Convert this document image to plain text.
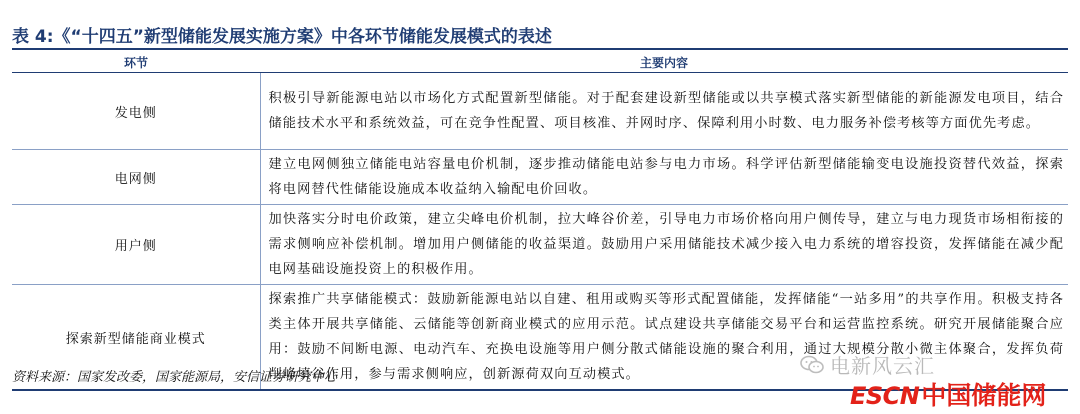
表 4:《“十四五”新型储能发展实施方案》中各环节储能发展模式的表述
环节	主要内容
发电侧	积极引导新能源电站以市场化方式配置新型储能。对于配套建设新型储能或以共享模式落实新型储能的新能源发电项目，结合储能技术水平和系统效益，可在竞争性配置、项目核准、并网时序、保障利用小时数、电力服务补偿考核等方面优先考虑。
电网侧	建立电网侧独立储能电站容量电价机制，逐步推动储能电站参与电力市场。科学评估新型储能输变电设施投资替代效益，探索将电网替代性储能设施成本收益纳入输配电价回收。
用户侧	加快落实分时电价政策，建立尖峰电价机制，拉大峰谷价差，引导电力市场价格向用户侧传导，建立与电力现货市场相衔接的需求侧响应补偿机制。增加用户侧储能的收益渠道。鼓励用户采用储能技术减少接入电力系统的增容投资，发挥储能在减少配电网基础设施投资上的积极作用。
探索新型储能商业模式	探索推广共享储能模式：鼓励新能源电站以自建、租用或购买等形式配置储能，发挥储能“一站多用”的共享作用。积极支持各类主体开展共享储能、云储能等创新商业模式的应用示范。试点建设共享储能交易平台和运营监控系统。研究开展储能聚合应用：鼓励不间断电源、电动汽车、充换电设施等用户侧分散式储能设施的聚合利用，通过大规模分散小微主体聚合，发挥负荷削峰填谷作用，参与需求侧响应，创新源荷双向互动模式。
资料来源：国家发改委，国家能源局，安信证券研究中心	电新风云汇
ESCN 中国储能网
